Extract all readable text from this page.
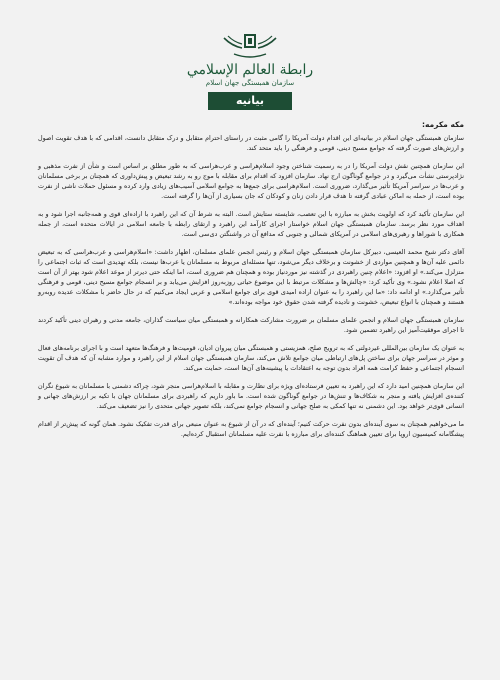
رابطة العالم الإسلامي
سازمان همبستگی جهان اسلام
بیانیه
مکه مکرمه:

سازمان همبستگی جهان اسلام در بیانیه‌ای این اقدام دولت آمریکا را گامی مثبت در راستای احترام متقابل و درک متقابل دانست، اقدامی که با هدف تقویت اصول و ارزش‌های صورت گرفته که جوامع مسیح دینی، قومی و فرهنگی را باید متحد کند.

این سازمان همچنین نقش دولت آمریکا را در به رسمیت شناختن وجود اسلام‌هراسی و عرب‌هراسی که به طور مطلق بر اساس است و شأن از نفرت مذهبی و نژادپرستی نشأت می‌گیرد و در جوامع گوناگون ارج نهاد. سازمان افزود که اقدام برای مقابله با موج رو به رشد تبعیض و پیش‌داوری که همچنان بر برخی مسلمانان و عرب‌ها در سراسر آمریکا تأثیر می‌گذارد، ضروری است. اسلام‌هراسی برای جمع‌ها به جوامع اسلامی آسیب‌های زیادی وارد کرده و مسئول حملات ناشی از نفرت بوده است، از حمله به اماکن عبادی گرفته تا هدف قرار دادن زنان و کودکان که جان بسیاری از آن‌ها را گرفته است.

این سازمان تأکید کرد که اولویت بخش به مبارزه با این تعصب، شایسته ستایش است. البته به شرط آن که این راهبرد با اراده‌ای قوی و همه‌جانبه اجرا شود و به اهداف مورد نظر برسد. سازمان همبستگی جهان اسلام خواستار اجرای کارآمد این راهبرد و ارتقای رابطه با جامعه اسلامی در ایالات متحده است، از جمله همکاری با شوراها و رهبری‌های اسلامی در آمریکای شمالی و جنوبی که مدافع آن در واشنگتن دی‌سی است.

آقای دکتر شیخ محمد العیسی، دبیرکل سازمان همبستگی جهان اسلام و رئیس انجمن علمای مسلمان، اظهار داشت: «اسلام‌هراسی و عرب‌هراسی که به تبعیض دائمی علیه آن‌ها و همچنین مواردی از خشونت و برخلاف دیگر می‌شود، تنها مسئله‌ای مربوط به مسلمانان یا عرب‌ها نیست، بلکه تهدیدی است که ثبات اجتماعی را متزلزل می‌کند.» او افزود: «اعلام چنین راهبردی در گذشته نیز موردنیاز بوده و همچنان هم ضروری است، اما اینکه حتی دیرتر از موعد اعلام شود بهتر از آن است که اصلا اعلام نشود.» وی تأکید کرد: «چالش‌ها و مشکلات مرتبط با این موضوع حیاتی روزبه‌روز افزایش می‌یابد و بر انسجام جوامع مسیح دینی، قومی و فرهنگی تأثیر می‌گذارد.» او ادامه داد: «ما این راهبرد را به عنوان اراده امیدی قوی برای جوامع اسلامی و عربی ایجاد می‌کنیم که در حال حاضر با مشکلات عدیده روبه‌رو هستند و همچنان با انواع تبعیض، خشونت و نادیده گرفته شدن حقوق خود مواجه بوده‌اند.»

سازمان همبستگی جهان اسلام و انجمن علمای مسلمان بر ضرورت مشارکت همکارانه و همبستگی میان سیاست گذاران، جامعه مدنی و رهبران دینی تأکید کردند تا اجرای موفقیت‌آمیز این راهبرد تضمین شود.

به عنوان یک سازمان بین‌المللی غیردولتی که به ترویج صلح، همزیستی و همبستگی میان پیروان ادیان، قومیت‌ها و فرهنگ‌ها متعهد است و با اجرای برنامه‌های فعال و موثر در سراسر جهان برای ساختن پل‌های ارتباطی میان جوامع تلاش می‌کند، سازمان همبستگی جهان اسلام از این راهبرد و موارد مشابه آن که هدف آن تقویت انسجام اجتماعی و حفظ کرامت همه افراد بدون توجه به اعتقادات یا پیشینه‌های آن‌ها است، حمایت می‌کند.

این سازمان همچنین امید دارد که این راهبرد به تعیین فرستاده‌ای ویژه برای نظارت و مقابله با اسلام‌هراسی منجر شود، چراکه دشمنی با مسلمانان به شیوع نگران کننده‌ی افزایش یافته و منجر به شکاف‌ها و تنش‌ها در جوامع گوناگون شده است. ما باور داریم که راهبردی برای مسلمانان جهان با تکیه بر ارزش‌های جهانی و انسانی قوی‌تر خواهد بود. این دشمنی نه تنها کمکی به صلح جهانی و انسجام جوامع نمی‌کند، بلکه تصویر جهانی متحدی را نیز تضعیف می‌کند.

ما می‌خواهیم همچنان به سوی آینده‌ای بدون نفرت حرکت کنیم؛ آینده‌ای که در آن از شیوع به عنوان منبعی برای قدرت تفکیک نشود. همان گونه که پیش‌تر از اقدام پیشگامانه کمیسیون اروپا برای تعیین هماهنگ کننده‌ای برای مبارزه با نفرت علیه مسلمانان استقبال کرده‌ایم.
